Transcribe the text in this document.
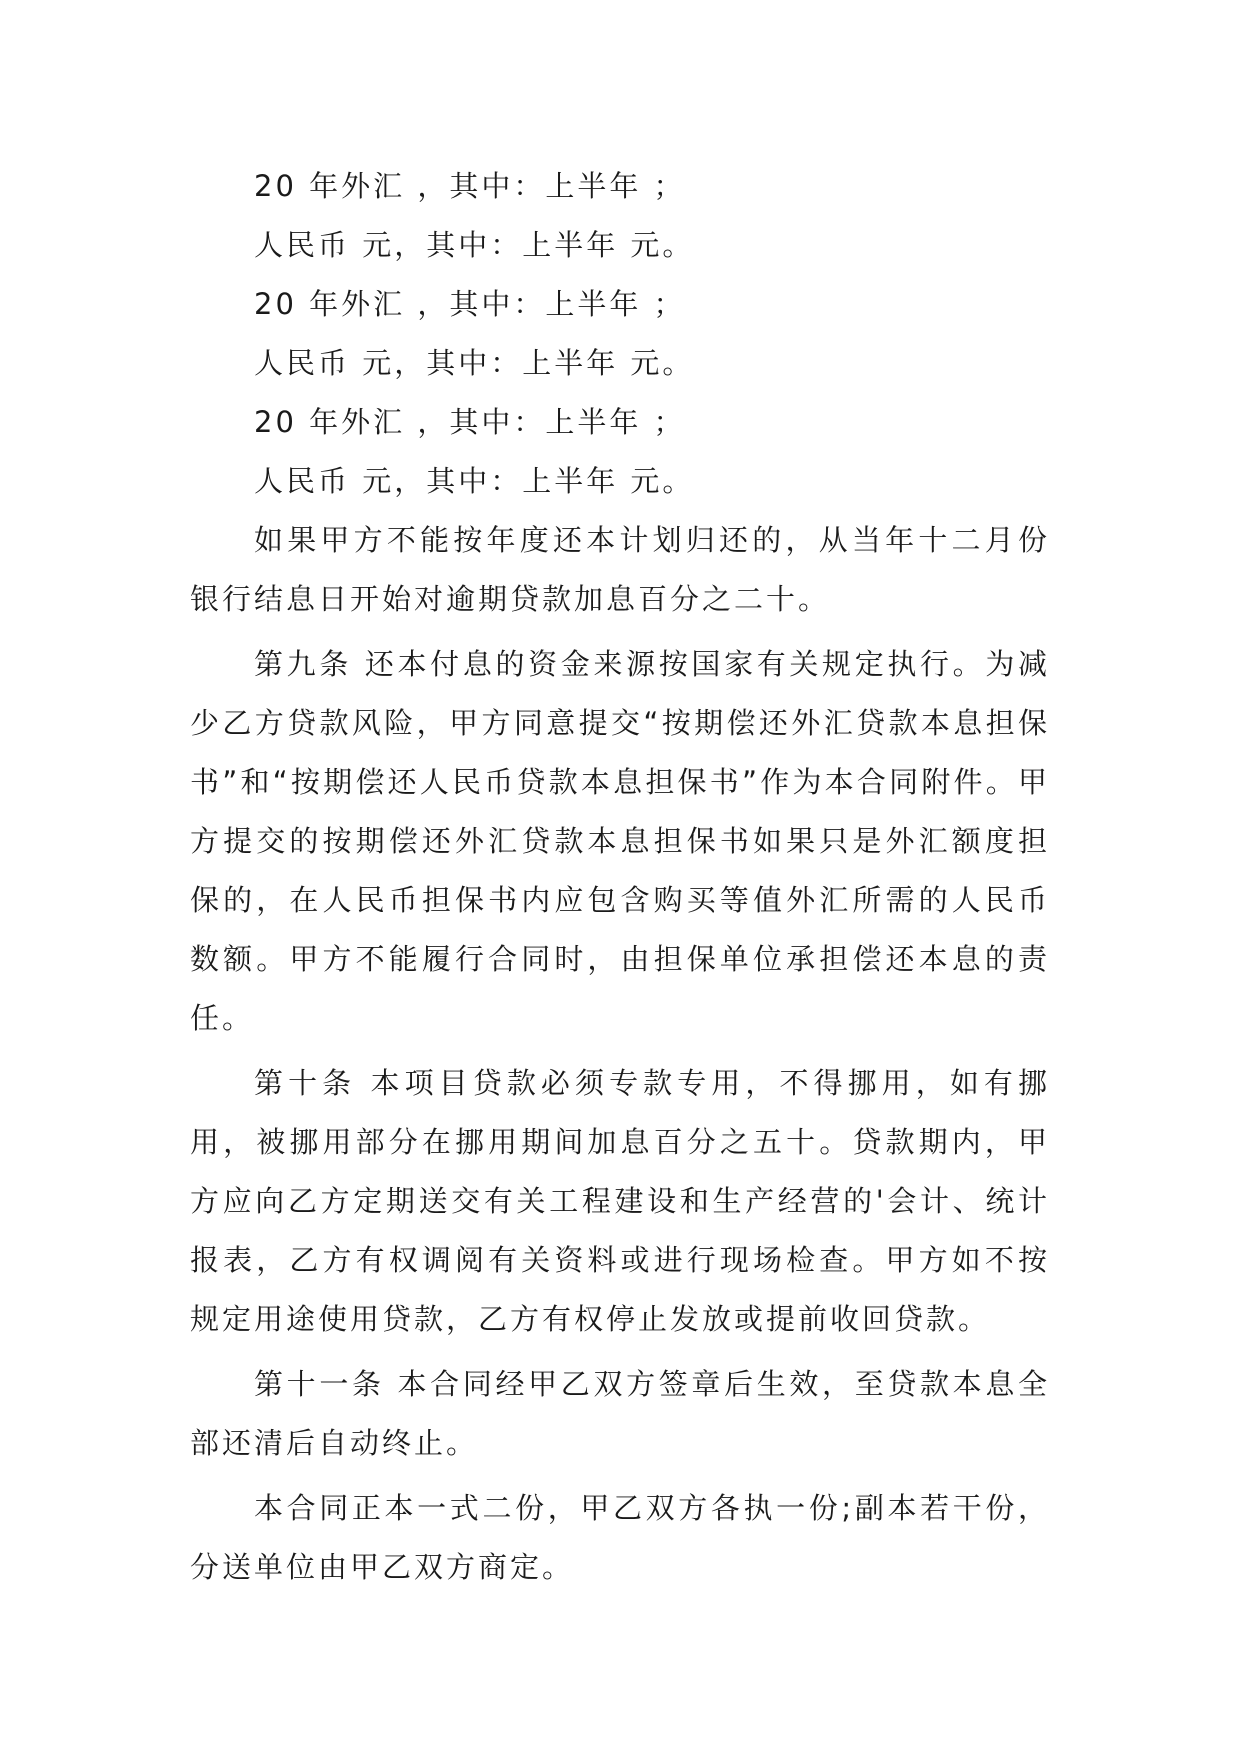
20 年外汇 ，其中：上半年 ；

人民币 元，其中：上半年 元。

20 年外汇 ，其中：上半年 ；

人民币 元，其中：上半年 元。

20 年外汇 ，其中：上半年 ；

人民币 元，其中：上半年 元。

如果甲方不能按年度还本计划归还的，从当年十二月份银行结息日开始对逾期贷款加息百分之二十。

第九条 还本付息的资金来源按国家有关规定执行。为减少乙方贷款风险，甲方同意提交“按期偿还外汇贷款本息担保书”和“按期偿还人民币贷款本息担保书”作为本合同附件。甲方提交的按期偿还外汇贷款本息担保书如果只是外汇额度担保的，在人民币担保书内应包含购买等值外汇所需的人民币数额。甲方不能履行合同时，由担保单位承担偿还本息的责任。

第十条 本项目贷款必须专款专用，不得挪用，如有挪用，被挪用部分在挪用期间加息百分之五十。贷款期内，甲方应向乙方定期送交有关工程建设和生产经营的'会计、统计报表，乙方有权调阅有关资料或进行现场检查。甲方如不按规定用途使用贷款，乙方有权停止发放或提前收回贷款。

第十一条 本合同经甲乙双方签章后生效，至贷款本息全部还清后自动终止。

本合同正本一式二份，甲乙双方各执一份;副本若干份，分送单位由甲乙双方商定。
